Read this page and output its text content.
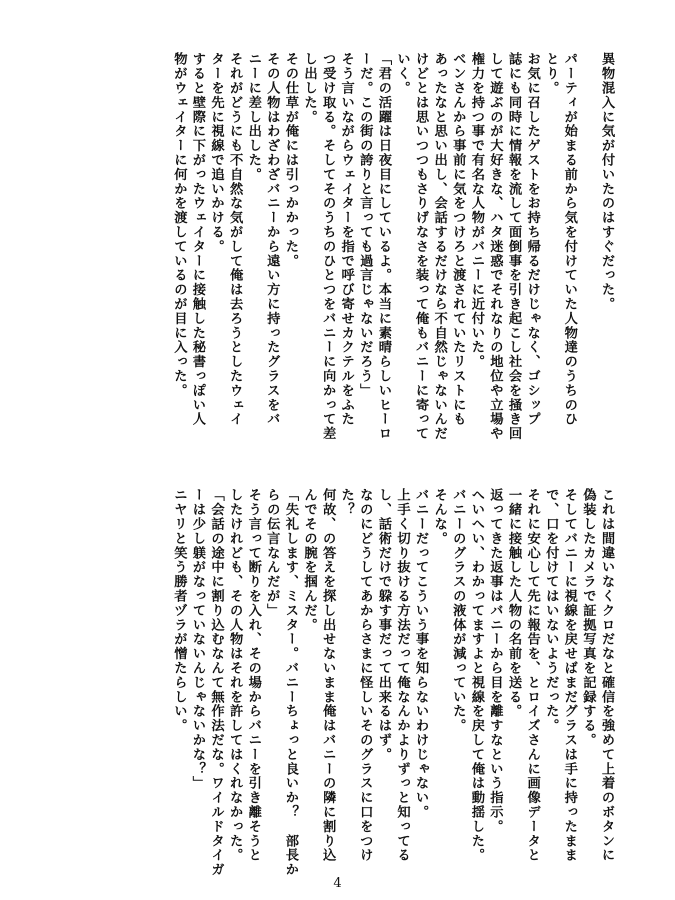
異物混入に気が付いたのはすぐだった。

パーティが始まる前から気を付けていた人物達のうちのひ
とり。
お気に召したゲストをお持ち帰るだけじゃなく、ゴシップ
誌にも同時に情報を流して面倒事を引き起こし社会を掻き回
して遊ぶのが大好きな、ハタ迷惑でそれなりの地位や立場や
権力を持つ事で有名な人物がバニーに近付いた。
ベンさんから事前に気をつけろと渡されていたリストにも
あったなと思い出し、会話するだけなら不自然じゃないんだ
けどとは思いつつもさりげなさを装って俺もバニーに寄って
いく。
「君の活躍は日夜目にしているよ。本当に素晴らしいヒーロ
ーだ。この街の誇りと言っても過言じゃないだろう」
そう言いながらウェイターを指で呼び寄せカクテルをふた
つ受け取る。そしてそのうちのひとつをバニーに向かって差
し出した。
その仕草が俺には引っかかった。
その人物はわざわざバニーから遠い方に持ったグラスをバ
ニーに差し出した。
それがどうにも不自然な気がして俺は去ろうとしたウェイ
ターを先に視線で追いかける。
すると壁際に下がったウェイターに接触した秘書っぽい人
物がウェイターに何かを渡しているのが目に入った。
これは間違いなくクロだなと確信を強めて上着のボタンに
偽装したカメラで証拠写真を記録する。
そしてバニーに視線を戻せばまだグラスは手に持ったまま
で、口を付けてはいないようだった。
それに安心して先に報告を、とロイズさんに画像データと
一緒に接触した人物の名前を送る。
返ってきた返事はバニーから目を離すなという指示。
へいへい、わかってますよと視線を戻して俺は動揺した。
バニーのグラスの液体が減っていた。
そんな。
バニーだってこういう事を知らないわけじゃない。
上手く切り抜ける方法だって俺なんかよりずっと知ってる
し、話術だけで躱す事だって出来るはず。
なのにどうしてあからさまに怪しいそのグラスに口をつけ
た？
何故、の答えを探し出せないまま俺はバニーの隣に割り込
んでその腕を掴んだ。
「失礼します、ミスター。バニーちょっと良いか？　部長か
らの伝言なんだが」
そう言って断りを入れ、その場からバニーを引き離そうと
したけれども、その人物はそれを許してはくれなかった。
「会話の途中に割り込むなんて無作法だな。ワイルドタイガ
ーは少し躾がなっていないんじゃないかな？」
ニヤリと笑う勝者ヅラが憎たらしい。
4
